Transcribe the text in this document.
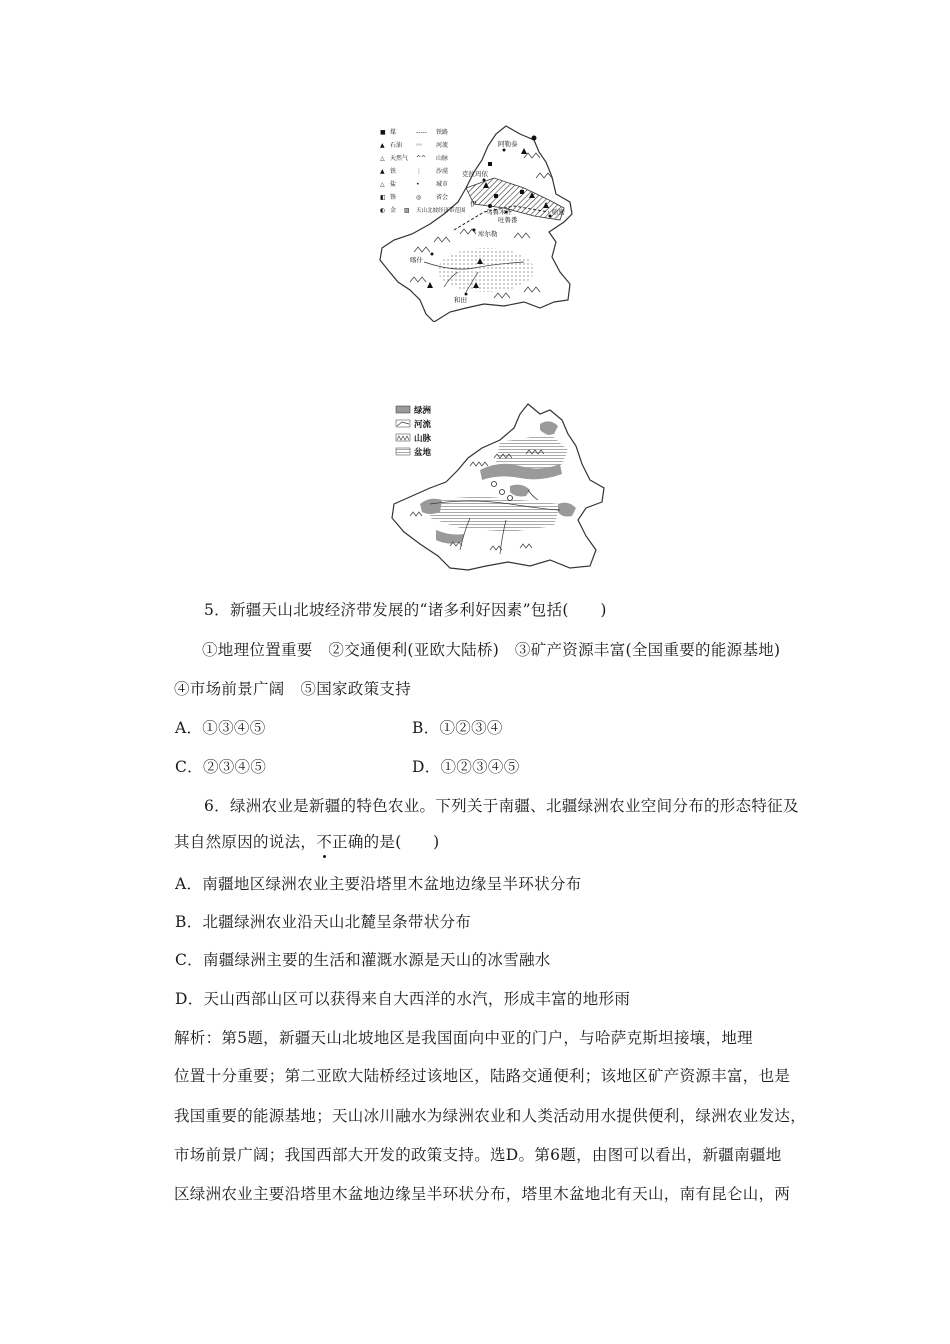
阿勒泰
克拉玛依
乌鲁木齐
吐鲁番
伊
哈密
库尔勒
喀什
和田
■ 煤	----- 铁路
▲ 石油 〰 河流
△ 天然气 ^^ 山脉
▲ 铁	⋮ 沙漠
△ 盐	•	城市
◧ 铬	◎ 省会
◐ 金 ▨ 天山北坡经济带范围
绿洲
河流
山脉
盆地
5．新疆天山北坡经济带发展的“诸多利好因素”包括(　　)
①地理位置重要　②交通便利(亚欧大陆桥)　③矿产资源丰富(全国重要的能源基地)
④市场前景广阔　⑤国家政策支持
A．①③④⑤	B．①②③④
C．②③④⑤	D．①②③④⑤
6．绿洲农业是新疆的特色农业。下列关于南疆、北疆绿洲农业空间分布的形态特征及
其自然原因的说法，不正确的是(　　)
A．南疆地区绿洲农业主要沿塔里木盆地边缘呈半环状分布
B．北疆绿洲农业沿天山北麓呈条带状分布
C．南疆绿洲主要的生活和灌溉水源是天山的冰雪融水
D．天山西部山区可以获得来自大西洋的水汽，形成丰富的地形雨
解析：第5题，新疆天山北坡地区是我国面向中亚的门户，与哈萨克斯坦接壤，地理
位置十分重要；第二亚欧大陆桥经过该地区，陆路交通便利；该地区矿产资源丰富，也是
我国重要的能源基地；天山冰川融水为绿洲农业和人类活动用水提供便利，绿洲农业发达，
市场前景广阔；我国西部大开发的政策支持。选D。第6题，由图可以看出，新疆南疆地
区绿洲农业主要沿塔里木盆地边缘呈半环状分布，塔里木盆地北有天山，南有昆仑山，两
